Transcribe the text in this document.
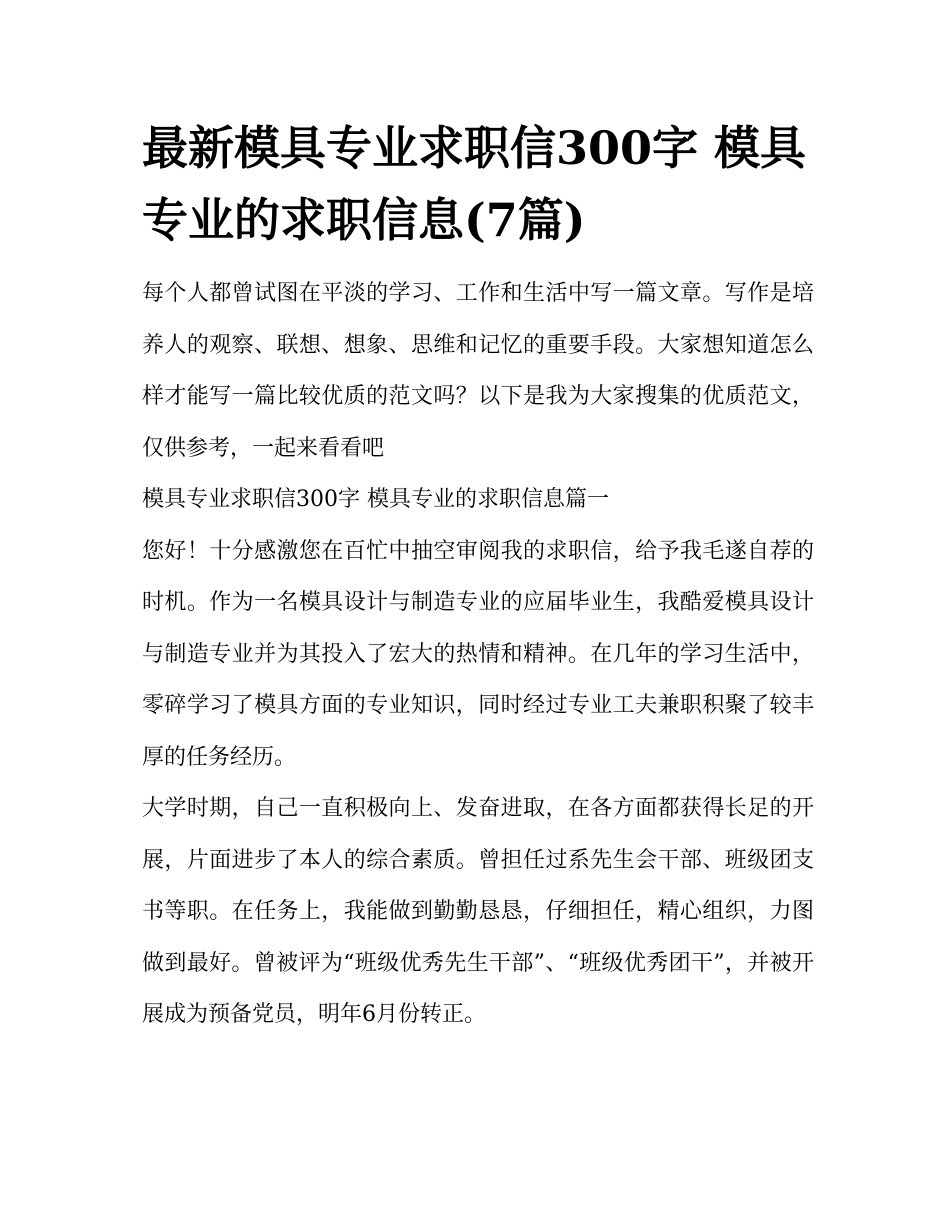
最新模具专业求职信300字 模具专业的求职信息(7篇)

每个人都曾试图在平淡的学习、工作和生活中写一篇文章。写作是培养人的观察、联想、想象、思维和记忆的重要手段。大家想知道怎么样才能写一篇比较优质的范文吗？以下是我为大家搜集的优质范文，仅供参考，一起来看看吧

模具专业求职信300字 模具专业的求职信息篇一

您好！十分感激您在百忙中抽空审阅我的求职信，给予我毛遂自荐的时机。作为一名模具设计与制造专业的应届毕业生，我酷爱模具设计与制造专业并为其投入了宏大的热情和精神。在几年的学习生活中，零碎学习了模具方面的专业知识，同时经过专业工夫兼职积聚了较丰厚的任务经历。

大学时期，自己一直积极向上、发奋进取，在各方面都获得长足的开展，片面进步了本人的综合素质。曾担任过系先生会干部、班级团支书等职。在任务上，我能做到勤勤恳恳，仔细担任，精心组织，力图做到最好。曾被评为“班级优秀先生干部”、“班级优秀团干”，并被开展成为预备党员，明年6月份转正。
